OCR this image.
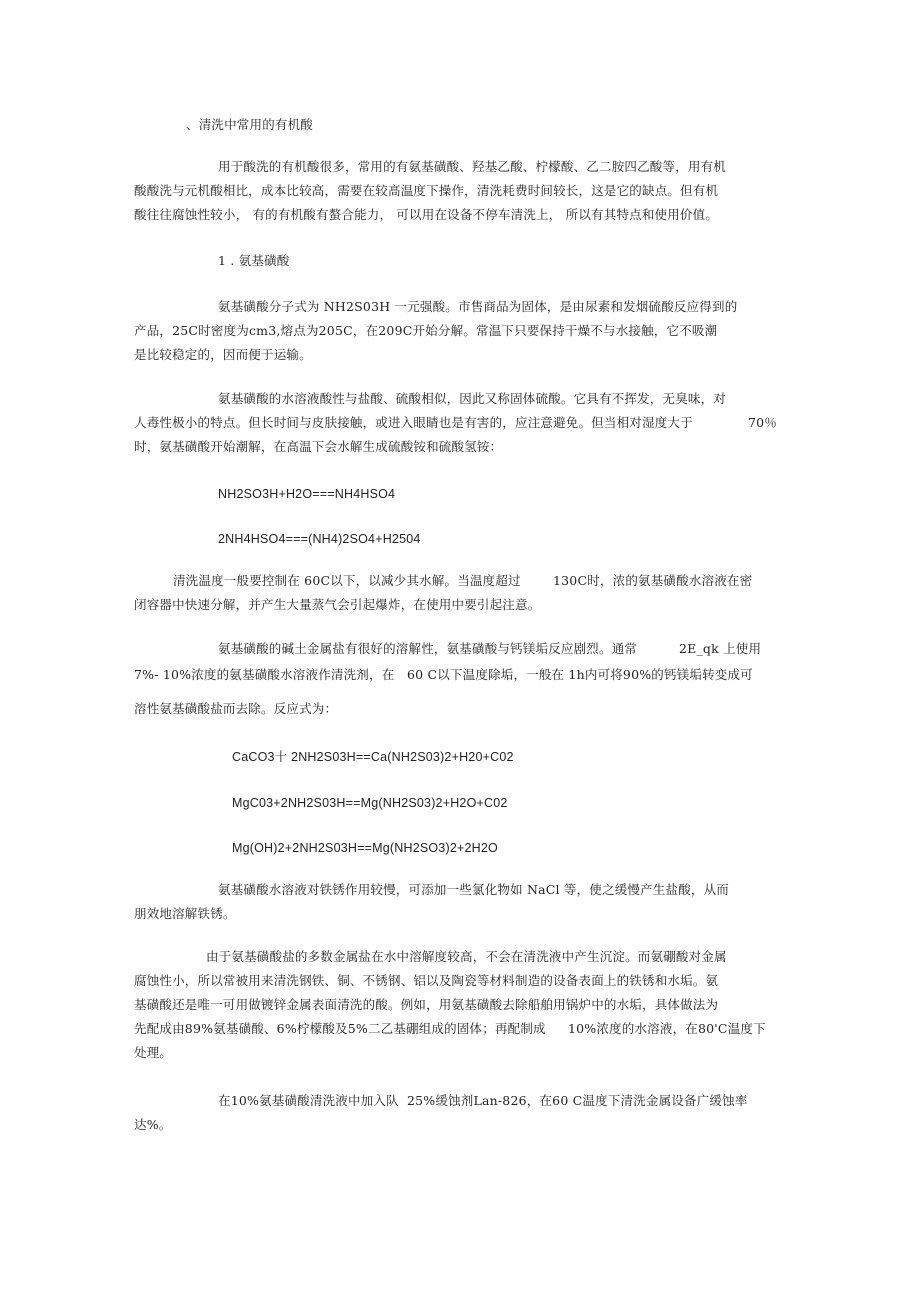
、清洗中常用的有机酸
用于酸洗的有机酸很多，常用的有氨基磺酸、羟基乙酸、柠檬酸、乙二胺四乙酸等，用有机
酸酸洗与元机酸相比，成本比较高，需要在较高温度下操作，清洗耗费时间较长，这是它的缺点。但有机
酸往往腐蚀性较小， 有的有机酸有螯合能力， 可以用在设备不停车清洗上， 所以有其特点和使用价值。
1 . 氨基磺酸
氨基磺酸分子式为 NH2S03H 一元强酸。市售商品为固体，是由尿素和发烟硫酸反应得到的
产品，25C时密度为cm3,熔点为205C，在209C开始分解。常温下只要保持干燥不与水接触，它不吸潮
是比较稳定的，因而便于运输。
氨基磺酸的水溶液酸性与盐酸、硫酸相似，因此又称固体硫酸。它具有不挥发，无臭味，对
人毒性极小的特点。但长时间与皮肤接触，或进入眼睛也是有害的，应注意避免。但当相对湿度大于	70％
时，氨基磺酸开始潮解，在高温下会水解生成硫酸铵和硫酸氢铵：
NH2SO3H+H2O===NH4HSO4
2NH4HSO4===(NH4)2SO4+H2504
清洗温度一般要控制在 60C以下，以减少其水解。当温度超过	130C时，浓的氨基磺酸水溶液在密
闭容器中快速分解，并产生大量蒸气会引起爆炸，在使用中要引起注意。
氨基磺酸的碱土金属盐有很好的溶解性，氨基磺酸与钙镁垢反应剧烈。通常	2E_qk 上使用
7%- 10%浓度的氨基磺酸水溶液作清洗剂，在 60 C以下温度除垢，一般在 1h内可将90%的钙镁垢转变成可
溶性氨基磺酸盐而去除。反应式为：
CaCO3十 2NH2S03H==Ca(NH2S03)2+H20+C02
MgC03+2NH2S03H==Mg(NH2S03)2+H2O+C02
Mg(OH)2+2NH2S03H==Mg(NH2SO3)2+2H2O
氨基磺酸水溶液对铁锈作用较慢，可添加一些氯化物如 NaCl 等，使之缓慢产生盐酸，从而
朋效地溶解铁锈。
由于氨基磺酸盐的多数金属盐在水中溶解度较高，不会在清洗液中产生沉淀。而氨硼酸对金属
腐蚀性小，所以常被用来清洗钢铁、铜、不锈钢、铝以及陶瓷等材料制造的设备表面上的铁锈和水垢。氨
基磺酸还是唯一可用做镀锌金属表面清洗的酸。例如，用氨基磺酸去除船舶用锅炉中的水垢，具体做法为
先配成由89%氨基磺酸、6%柠檬酸及5%二乙基硼组成的固体；再配制成 10%浓度的水溶液，在80'C温度下
处理。
在10%氨基磺酸清洗液中加入队 25%缓蚀剂Lan-826，在60 C温度下清洗金属设备广缓蚀率
达%。
